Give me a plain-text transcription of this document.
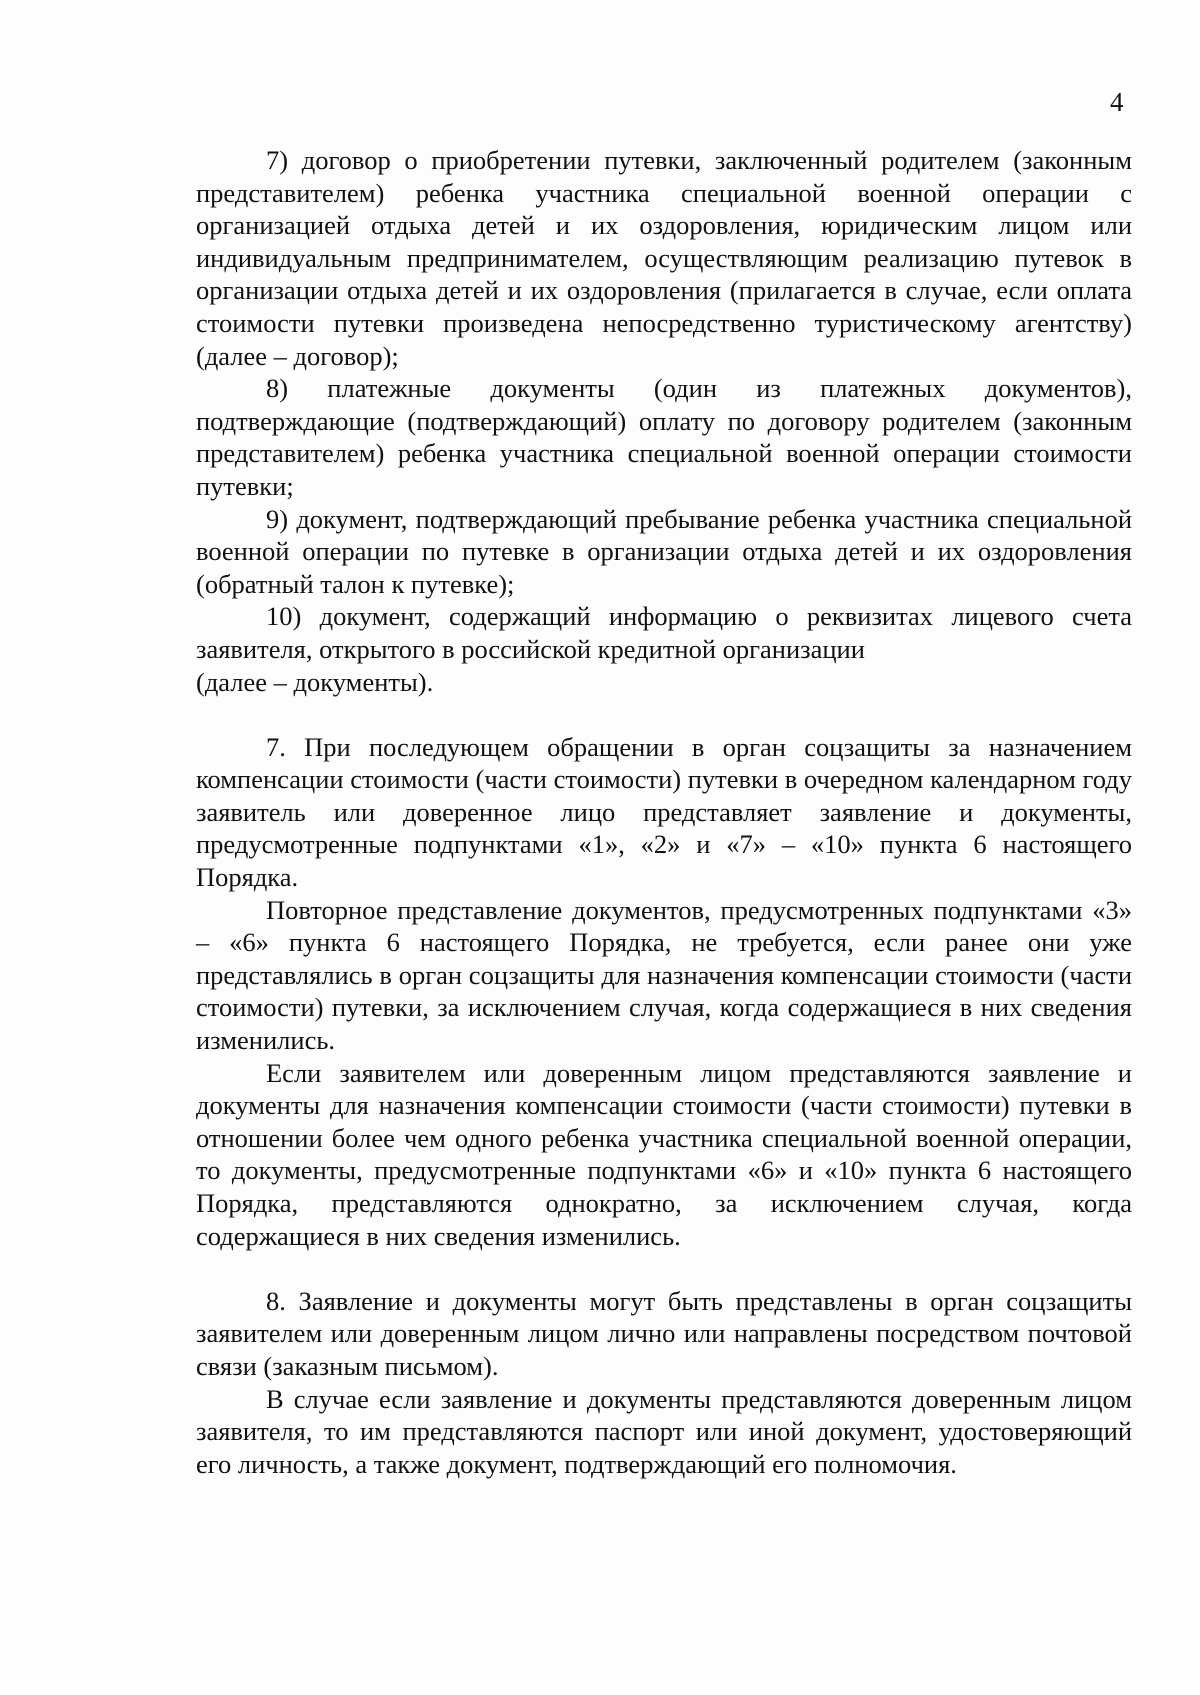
4

7) договор о приобретении путевки, заключенный родителем (законным представителем) ребенка участника специальной военной операции с организацией отдыха детей и их оздоровления, юридическим лицом или индивидуальным предпринимателем, осуществляющим реализацию путевок в организации отдыха детей и их оздоровления (прилагается в случае, если оплата стоимости путевки произведена непосредственно туристическому агентству) (далее – договор);

8) платежные документы (один из платежных документов), подтверждающие (подтверждающий) оплату по договору родителем (законным представителем) ребенка участника специальной военной операции стоимости путевки;

9) документ, подтверждающий пребывание ребенка участника специальной военной операции по путевке в организации отдыха детей и их оздоровления (обратный талон к путевке);

10) документ, содержащий информацию о реквизитах лицевого счета заявителя, открытого в российской кредитной организации

(далее – документы).

7. При последующем обращении в орган соцзащиты за назначением компенсации стоимости (части стоимости) путевки в очередном календарном году заявитель или доверенное лицо представляет заявление и документы, предусмотренные подпунктами «1», «2» и «7» – «10» пункта 6 настоящего Порядка.

Повторное представление документов, предусмотренных подпунктами «3» – «6» пункта 6 настоящего Порядка, не требуется, если ранее они уже представлялись в орган соцзащиты для назначения компенсации стоимости (части стоимости) путевки, за исключением случая, когда содержащиеся в них сведения изменились.

Если заявителем или доверенным лицом представляются заявление и документы для назначения компенсации стоимости (части стоимости) путевки в отношении более чем одного ребенка участника специальной военной операции, то документы, предусмотренные подпунктами «6» и «10» пункта 6 настоящего Порядка, представляются однократно, за исключением случая, когда содержащиеся в них сведения изменились.

8. Заявление и документы могут быть представлены в орган соцзащиты заявителем или доверенным лицом лично или направлены посредством почтовой связи (заказным письмом).

В случае если заявление и документы представляются доверенным лицом заявителя, то им представляются паспорт или иной документ, удостоверяющий его личность, а также документ, подтверждающий его полномочия.
